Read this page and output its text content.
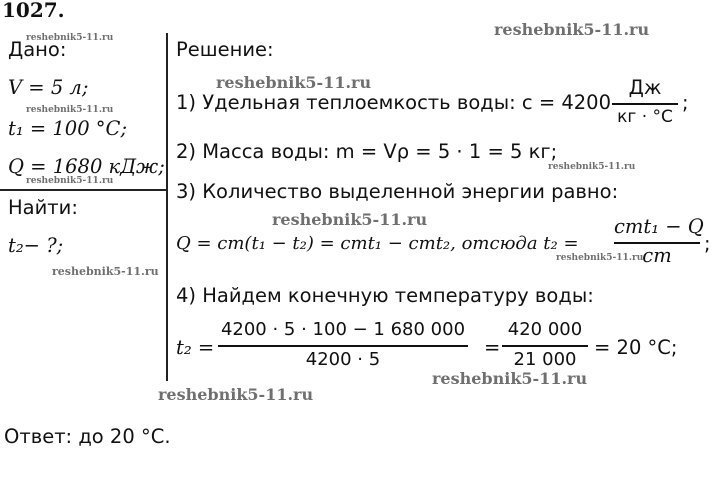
1027.
Дано:
V = 5 л;
t₁ = 100 °C;
Q = 1680 кДж;
Найти:
t₂− ?;
Решение:
1) Удельная теплоемкость воды: c = 4200
Дж
кг · °C
;
2) Масса воды: m = Vρ = 5 · 1 = 5 кг;
3) Количество выделенной энергии равно:
Q = cm(t₁ − t₂) = cmt₁ − cmt₂, отсюда t₂ =
cmt₁ − Q
cm
;
4) Найдем конечную температуру воды:
t₂ =
4200 · 5 · 100 − 1 680 000
4200 · 5
=
420 000
21 000
= 20 °C;
Ответ: до 20 °C.
reshebnik5-11.ru
reshebnik5-11.ru
reshebnik5-11.ru
reshebnik5-11.ru
reshebnik5-11.ru
reshebnik5-11.ru
reshebnik5-11.ru
reshebnik5-11.ru
reshebnik5-11.ru
reshebnik5-11.ru
reshebnik5-11.ru
